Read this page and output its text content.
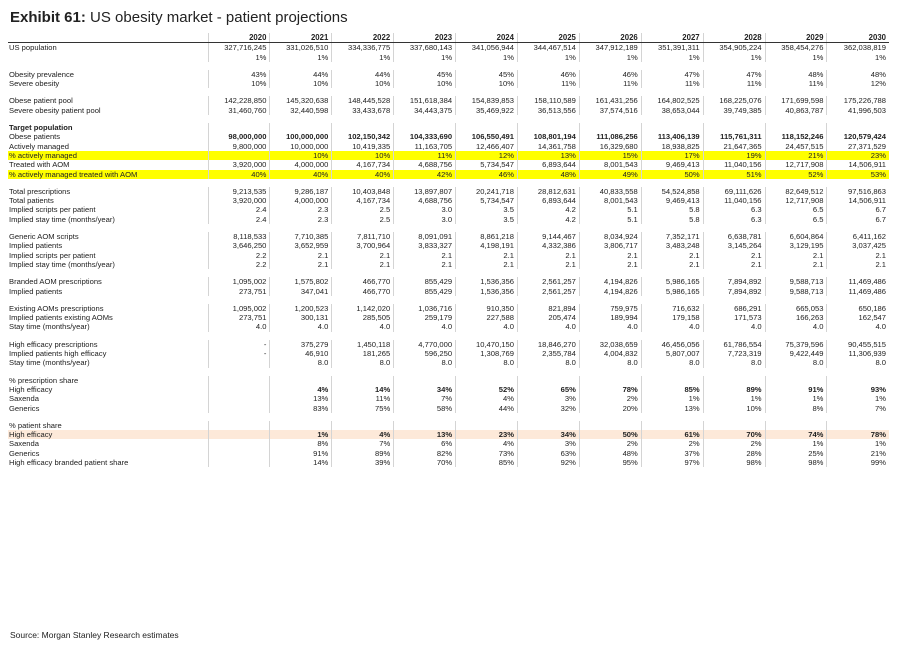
Exhibit 61: US obesity market - patient projections
	2020	2021	2022	2023	2024	2025	2026	2027	2028	2029	2030
US population	327,716,245	331,026,510	334,336,775	337,680,143	341,056,944	344,467,514	347,912,189	351,391,311	354,905,224	358,454,276	362,038,819
	1%	1%	1%	1%	1%	1%	1%	1%	1%	1%	1%

Obesity prevalence	43%	44%	44%	45%	45%	46%	46%	47%	47%	48%	48%
Severe obesity	10%	10%	10%	10%	10%	11%	11%	11%	11%	11%	12%

Obese patient pool	142,228,850	145,320,638	148,445,528	151,618,384	154,839,853	158,110,589	161,431,256	164,802,525	168,225,076	171,699,598	175,226,788
Severe obesity patient pool	31,460,760	32,440,598	33,433,678	34,443,375	35,469,922	36,513,556	37,574,516	38,653,044	39,749,385	40,863,787	41,996,503

Target population											
Obese patients	98,000,000	100,000,000	102,150,342	104,333,690	106,550,491	108,801,194	111,086,256	113,406,139	115,761,311	118,152,246	120,579,424
Actively managed	9,800,000	10,000,000	10,419,335	11,163,705	12,466,407	14,361,758	16,329,680	18,938,825	21,647,365	24,457,515	27,371,529
% actively managed		10%	10%	11%	12%	13%	15%	17%	19%	21%	23%
Treated with AOM	3,920,000	4,000,000	4,167,734	4,688,756	5,734,547	6,893,644	8,001,543	9,469,413	11,040,156	12,717,908	14,506,911
% actively managed treated with AOM	40%	40%	40%	42%	46%	48%	49%	50%	51%	52%	53%

Total prescriptions	9,213,535	9,286,187	10,403,848	13,897,807	20,241,718	28,812,631	40,833,558	54,524,858	69,111,626	82,649,512	97,516,863
Total patients	3,920,000	4,000,000	4,167,734	4,688,756	5,734,547	6,893,644	8,001,543	9,469,413	11,040,156	12,717,908	14,506,911
Implied scripts per patient	2.4	2.3	2.5	3.0	3.5	4.2	5.1	5.8	6.3	6.5	6.7
Implied stay time (months/year)	2.4	2.3	2.5	3.0	3.5	4.2	5.1	5.8	6.3	6.5	6.7

Generic AOM scripts	8,118,533	7,710,385	7,811,710	8,091,091	8,861,218	9,144,467	8,034,924	7,352,171	6,638,781	6,604,864	6,411,162
Implied patients	3,646,250	3,652,959	3,700,964	3,833,327	4,198,191	4,332,386	3,806,717	3,483,248	3,145,264	3,129,195	3,037,425
Implied scripts per patient	2.2	2.1	2.1	2.1	2.1	2.1	2.1	2.1	2.1	2.1	2.1
Implied stay time (months/year)	2.2	2.1	2.1	2.1	2.1	2.1	2.1	2.1	2.1	2.1	2.1

Branded AOM prescriptions	1,095,002	1,575,802	466,770	855,429	1,536,356	2,561,257	4,194,826	5,986,165	7,894,892	9,588,713	11,469,486
Implied patients	273,751	347,041	466,770	855,429	1,536,356	2,561,257	4,194,826	5,986,165	7,894,892	9,588,713	11,469,486

Existing AOMs prescriptions	1,095,002	1,200,523	1,142,020	1,036,716	910,350	821,894	759,975	716,632	686,291	665,053	650,186
Implied patients existing AOMs	273,751	300,131	285,505	259,179	227,588	205,474	189,994	179,158	171,573	166,263	162,547
Stay time (months/year)	4.0	4.0	4.0	4.0	4.0	4.0	4.0	4.0	4.0	4.0	4.0

High efficacy prescriptions	-	375,279	1,450,118	4,770,000	10,470,150	18,846,270	32,038,659	46,456,056	61,786,554	75,379,596	90,455,515
Implied patients high efficacy	-	46,910	181,265	596,250	1,308,769	2,355,784	4,004,832	5,807,007	7,723,319	9,422,449	11,306,939
Stay time (months/year)		8.0	8.0	8.0	8.0	8.0	8.0	8.0	8.0	8.0	8.0

% prescription share											
High efficacy		4%	14%	34%	52%	65%	78%	85%	89%	91%	93%
Saxenda		13%	11%	7%	4%	3%	2%	1%	1%	1%	1%
Generics		83%	75%	58%	44%	32%	20%	13%	10%	8%	7%

% patient share											
High efficacy		1%	4%	13%	23%	34%	50%	61%	70%	74%	78%
Saxenda		8%	7%	6%	4%	3%	2%	2%	2%	1%	1%
Generics		91%	89%	82%	73%	63%	48%	37%	28%	25%	21%
High efficacy branded patient share		14%	39%	70%	85%	92%	95%	97%	98%	98%	99%
Source: Morgan Stanley Research estimates
